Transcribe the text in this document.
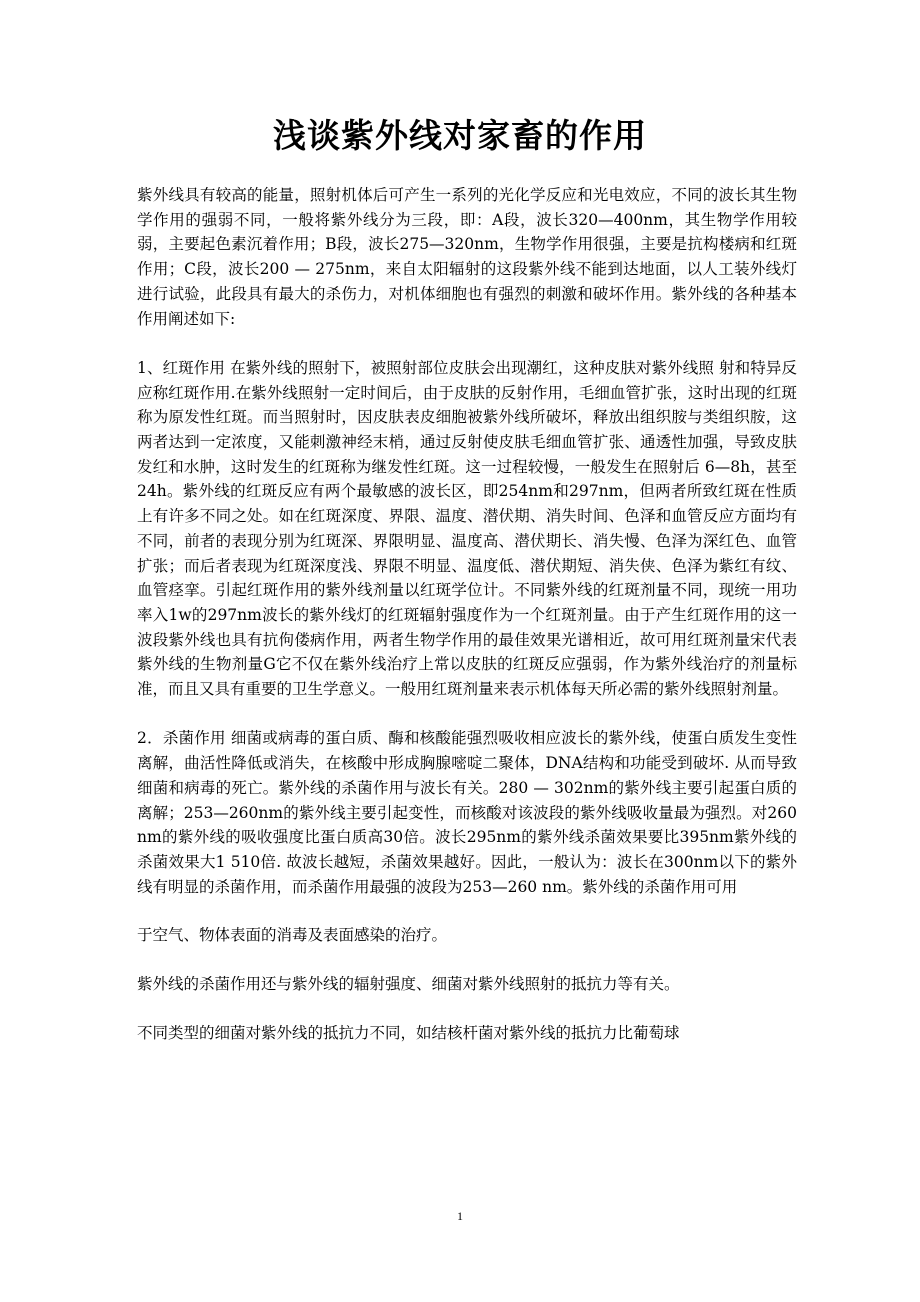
浅谈紫外线对家畜的作用

紫外线具有较高的能量，照射机体后可产生一系列的光化学反应和光电效应，不同的波长其生物学作用的强弱不同，一般将紫外线分为三段，即：A段，波长320—400nm，其生物学作用较弱，主要起色素沉着作用；B段，波长275—320nm，生物学作用很强，主要是抗构楼病和红斑作用；C段，波长200 — 275nm，来自太阳辐射的这段紫外线不能到达地面，以人工装外线灯进行试验，此段具有最大的杀伤力，对机体细胞也有强烈的刺激和破坏作用。紫外线的各种基本作用阐述如下:

1、红斑作用 在紫外线的照射下，被照射部位皮肤会出现潮红，这种皮肤对紫外线照 射和特异反应称红斑作用.在紫外线照射一定时间后，由于皮肤的反射作用，毛细血管扩张，这时出现的红斑称为原发性红斑。而当照射时，因皮肤表皮细胞被紫外线所破坏，释放出组织胺与类组织胺，这两者达到一定浓度，又能刺激神经末梢，通过反射使皮肤毛细血管扩张、通透性加强，导致皮肤发红和水肿，这时发生的红斑称为继发性红斑。这一过程较慢，一般发生在照射后 6—8h，甚至24h。紫外线的红斑反应有两个最敏感的波长区，即254nm和297nm，但两者所致红斑在性质上有许多不同之处。如在红斑深度、界限、温度、潜伏期、消失时间、色泽和血管反应方面均有不同，前者的表现分别为红斑深、界限明显、温度高、潜伏期长、消失慢、色泽为深红色、血管扩张；而后者表现为红斑深度浅、界限不明显、温度低、潜伏期短、消失侠、色泽为紫红有纹、血管痉挛。引起红斑作用的紫外线剂量以红斑学位计。不同紫外线的红斑剂量不同，现统一用功率入1w的297nm波长的紫外线灯的红斑辐射强度作为一个红斑剂量。由于产生红斑作用的这一波段紫外线也具有抗佝偻病作用，两者生物学作用的最佳效果光谱相近，故可用红斑剂量宋代表紫外线的生物剂量G它不仅在紫外线治疗上常以皮肤的红斑反应强弱，作为紫外线治疗的剂量标准，而且又具有重要的卫生学意义。一般用红斑剂量来表示机体每天所必需的紫外线照射剂量。

2．杀菌作用 细菌或病毒的蛋白质、酶和核酸能强烈吸收相应波长的紫外线，使蛋白质发生变性离解，曲活性降低或消失，在核酸中形成胸腺嘧啶二聚体，DNA结构和功能受到破坏. 从而导致细菌和病毒的死亡。紫外线的杀菌作用与波长有关。280 — 302nm的紫外线主要引起蛋白质的离解；253—260nm的紫外线主要引起变性，而核酸对该波段的紫外线吸收量最为强烈。对260nm的紫外线的吸收强度比蛋白质高30倍。波长295nm的紫外线杀菌效果要比395nm紫外线的杀菌效果大1 510倍. 故波长越短，杀菌效果越好。因此，一般认为：波长在300nm以下的紫外线有明显的杀菌作用，而杀菌作用最强的波段为253—260 nm。紫外线的杀菌作用可用

于空气、物体表面的消毒及表面感染的治疗。

紫外线的杀菌作用还与紫外线的辐射强度、细菌对紫外线照射的抵抗力等有关。

不同类型的细菌对紫外线的抵抗力不同，如结核杆菌对紫外线的抵抗力比葡萄球

1
